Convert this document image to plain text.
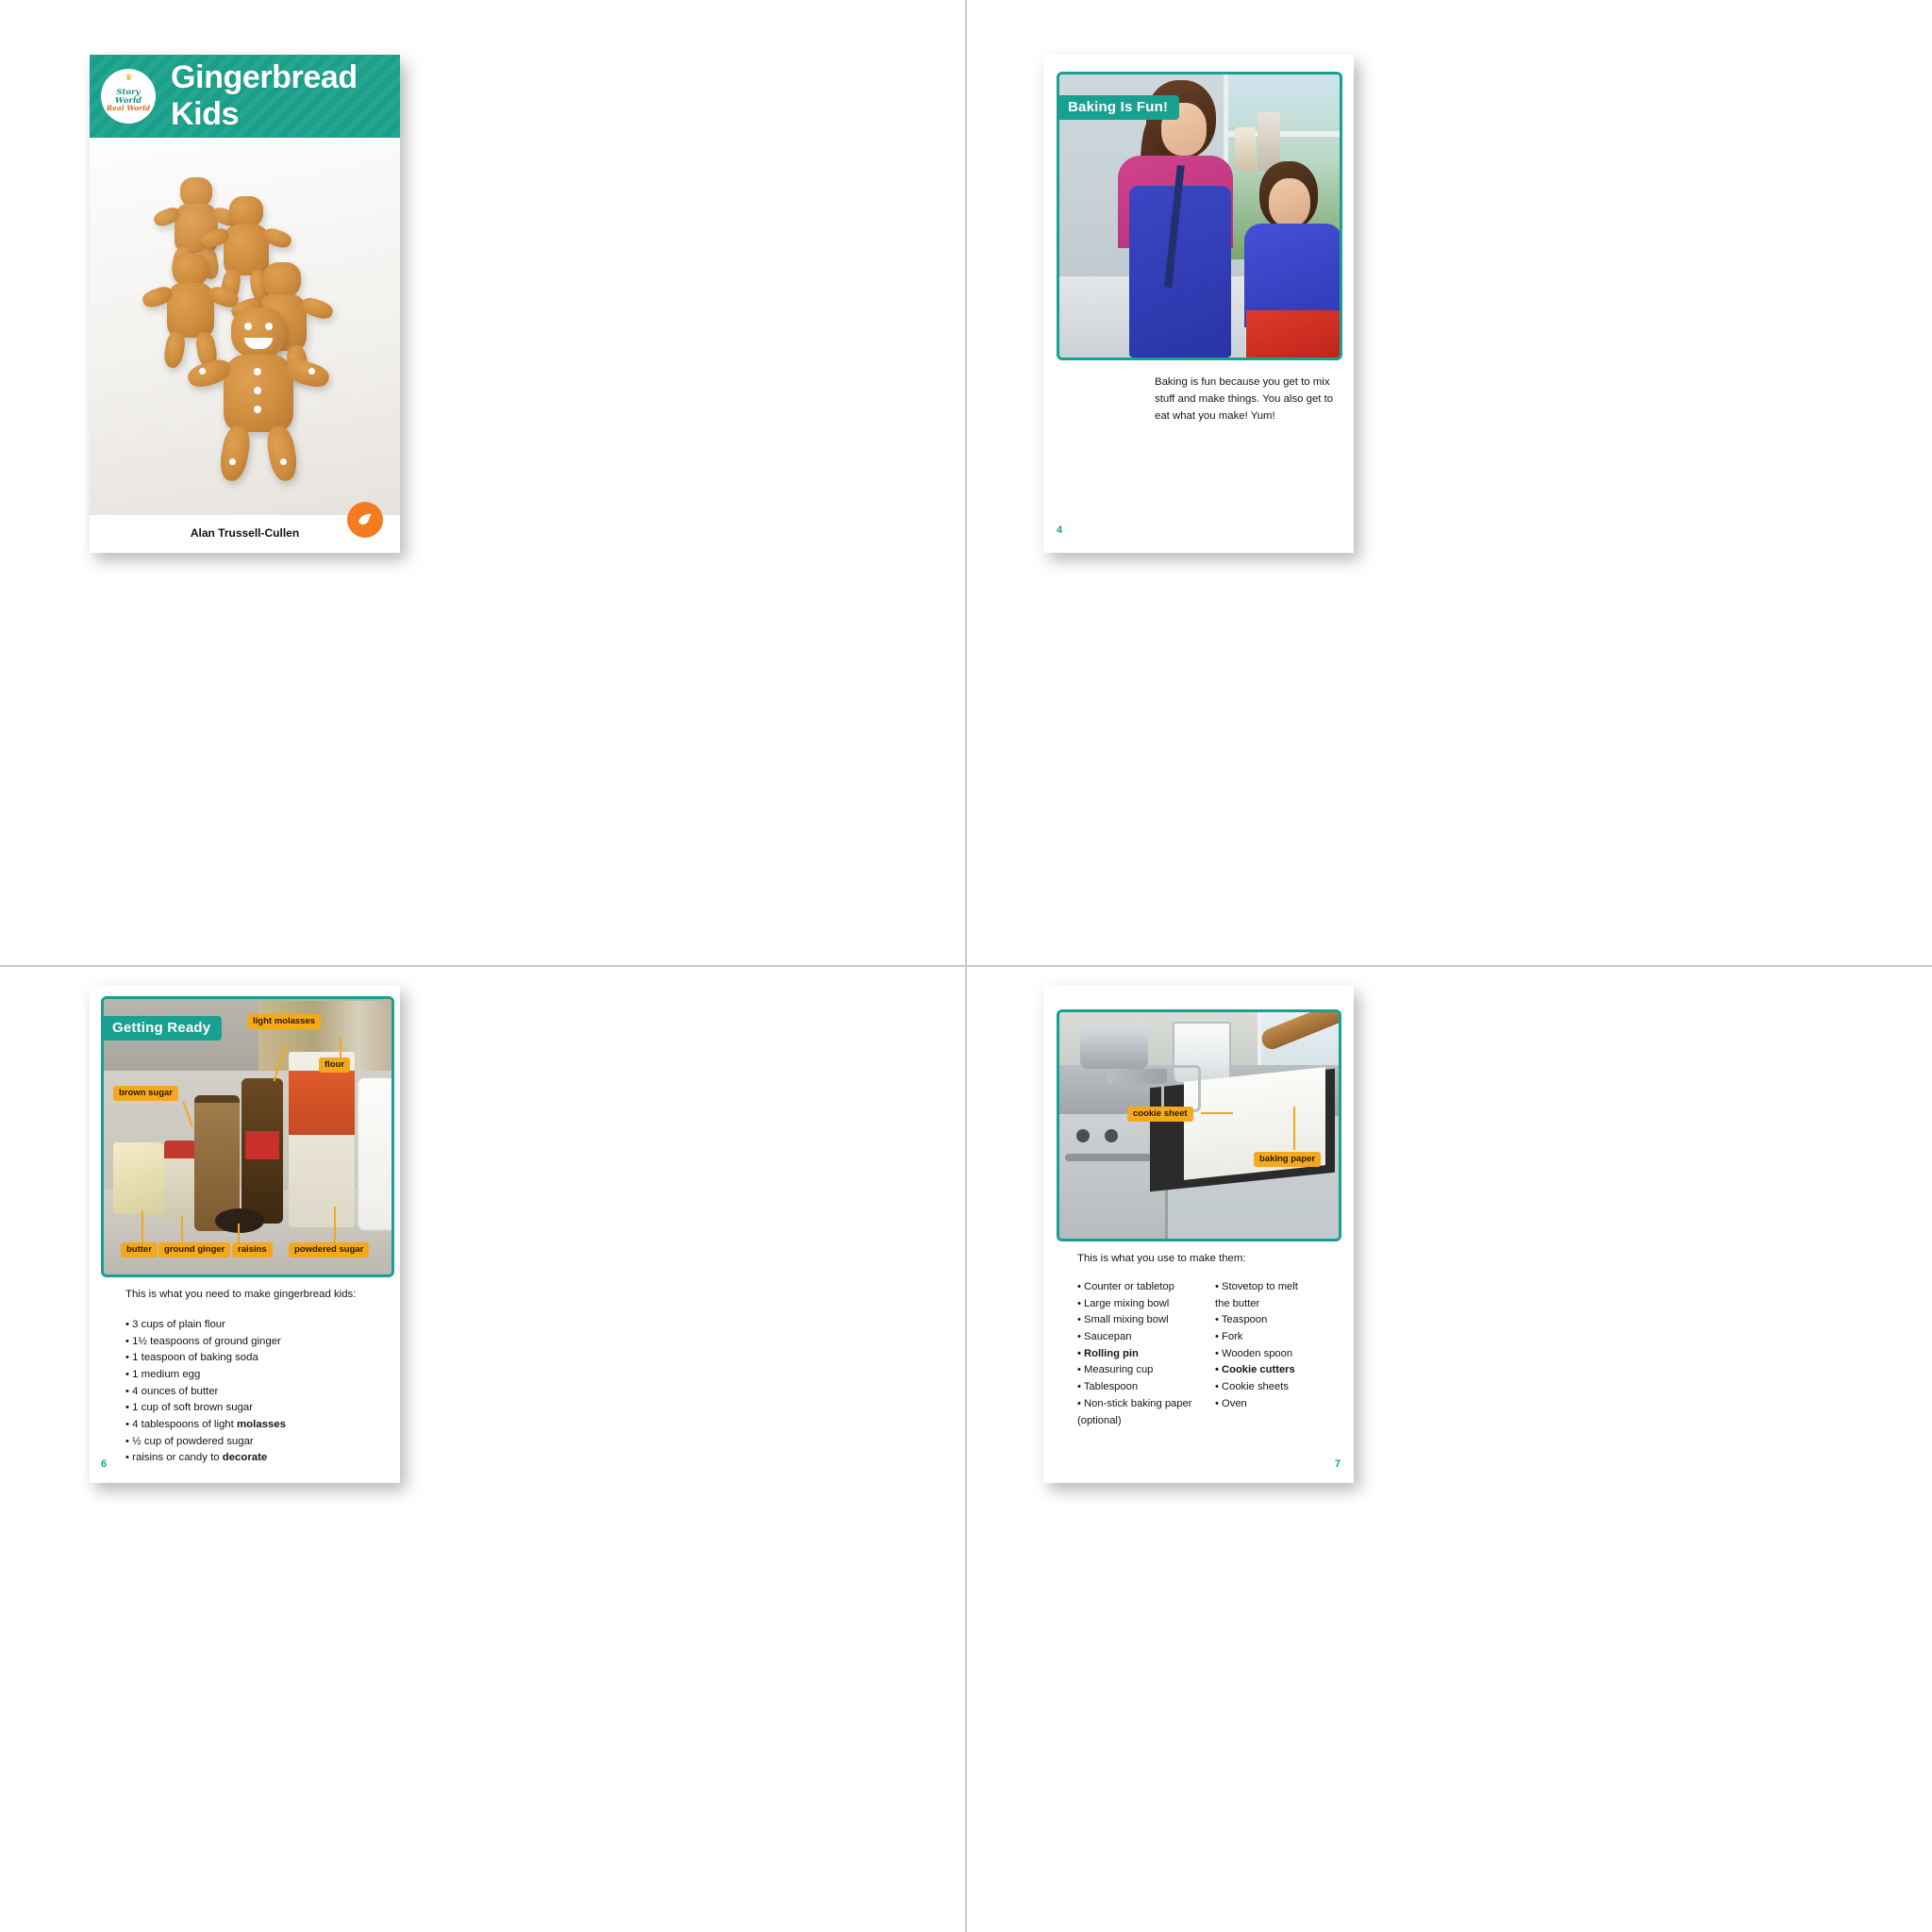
♛
Story
World
Real World
Gingerbread Kids
Alan Trussell-Cullen
Baking Is Fun!
Baking is fun because you get to mix stuff and make things. You also get to eat what you make! Yum!
4
light molasses
flour
brown sugar
butter	ground ginger	raisins	powdered sugar
Getting Ready
This is what you need to make gingerbread kids:
• 3 cups of plain flour
• 1½ teaspoons of ground ginger
• 1 teaspoon of baking soda
• 1 medium egg
• 4 ounces of butter
• 1 cup of soft brown sugar
• 4 tablespoons of light molasses
• ½ cup of powdered sugar
• raisins or candy to decorate
6
cookie sheet
baking paper
This is what you use to make them:
• Counter or tabletop
• Large mixing bowl
• Small mixing bowl
• Saucepan
• Rolling pin
• Measuring cup
• Tablespoon
• Non-stick baking paper
(optional)
• Stovetop to melt
the butter
• Teaspoon
• Fork
• Wooden spoon
• Cookie cutters
• Cookie sheets
• Oven
7
